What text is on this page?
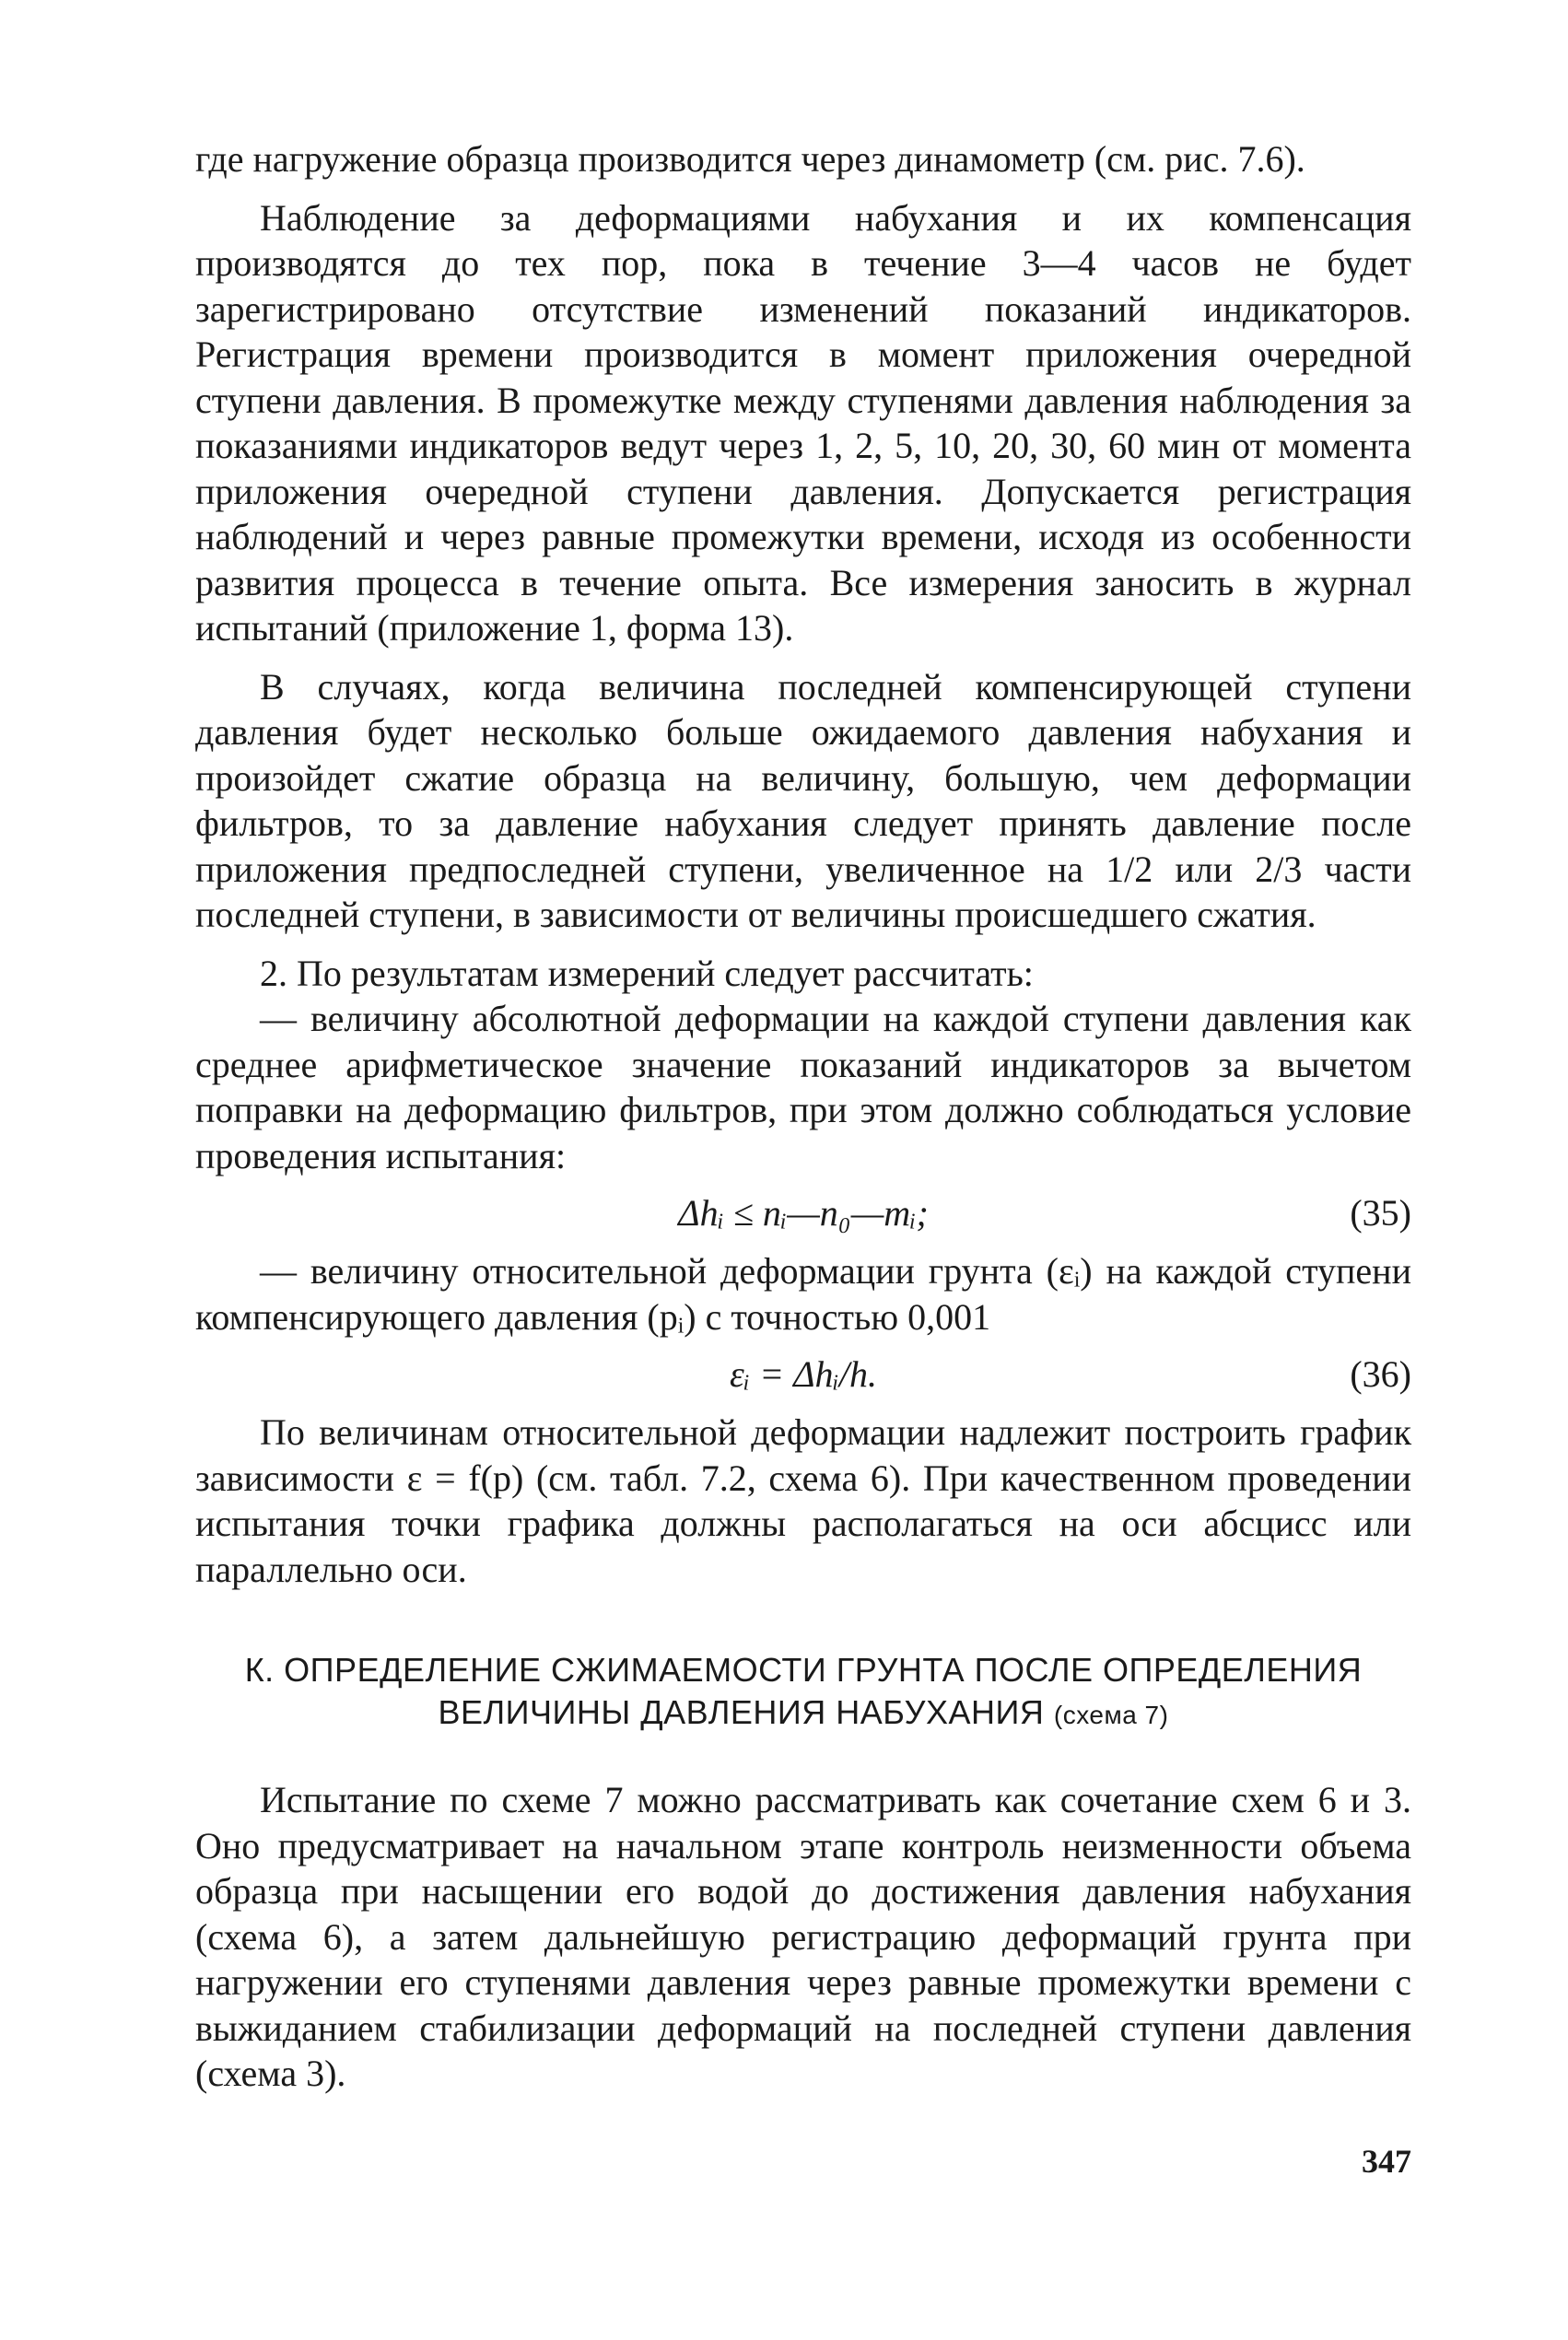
где нагружение образца производится через динамометр (см. рис. 7.6).

Наблюдение за деформациями набухания и их компенсация производятся до тех пор, пока в течение 3—4 часов не будет зарегистрировано отсутствие изменений показаний индикаторов. Регистрация времени производится в момент приложения очередной ступени давления. В промежутке между ступенями давления наблюдения за показаниями индикаторов ведут через 1, 2, 5, 10, 20, 30, 60 мин от момента приложения очередной ступени давления. Допускается регистрация наблюдений и через равные промежутки времени, исходя из особенности развития процесса в течение опыта. Все измерения заносить в журнал испытаний (приложение 1, форма 13).

В случаях, когда величина последней компенсирующей ступени давления будет несколько больше ожидаемого давления набухания и произойдет сжатие образца на величину, большую, чем деформации фильтров, то за давление набухания следует принять давление после приложения предпоследней ступени, увеличенное на 1/2 или 2/3 части последней ступени, в зависимости от величины происшедшего сжатия.

2. По результатам измерений следует рассчитать:

— величину абсолютной деформации на каждой ступени давления как среднее арифметическое значение показаний индикаторов за вычетом поправки на деформацию фильтров, при этом должно соблюдаться условие проведения испытания:

Δhᵢ ≤ nᵢ—n₀—mᵢ;	(35)

— величину относительной деформации грунта (εᵢ) на каждой ступени компенсирующего давления (pᵢ) с точностью 0,001

εᵢ = Δhᵢ/h.	(36)

По величинам относительной деформации надлежит построить график зависимости ε = f(p) (см. табл. 7.2, схема 6). При качественном проведении испытания точки графика должны располагаться на оси абсцисс или параллельно оси.

К. ОПРЕДЕЛЕНИЕ СЖИМАЕМОСТИ ГРУНТА ПОСЛЕ ОПРЕДЕЛЕНИЯ
ВЕЛИЧИНЫ ДАВЛЕНИЯ НАБУХАНИЯ (схема 7)

Испытание по схеме 7 можно рассматривать как сочетание схем 6 и 3. Оно предусматривает на начальном этапе контроль неизменности объема образца при насыщении его водой до достижения давления набухания (схема 6), а затем дальнейшую регистрацию деформаций грунта при нагружении его ступенями давления через равные промежутки времени с выжиданием стабилизации деформаций на последней ступени давления (схема 3).

347
